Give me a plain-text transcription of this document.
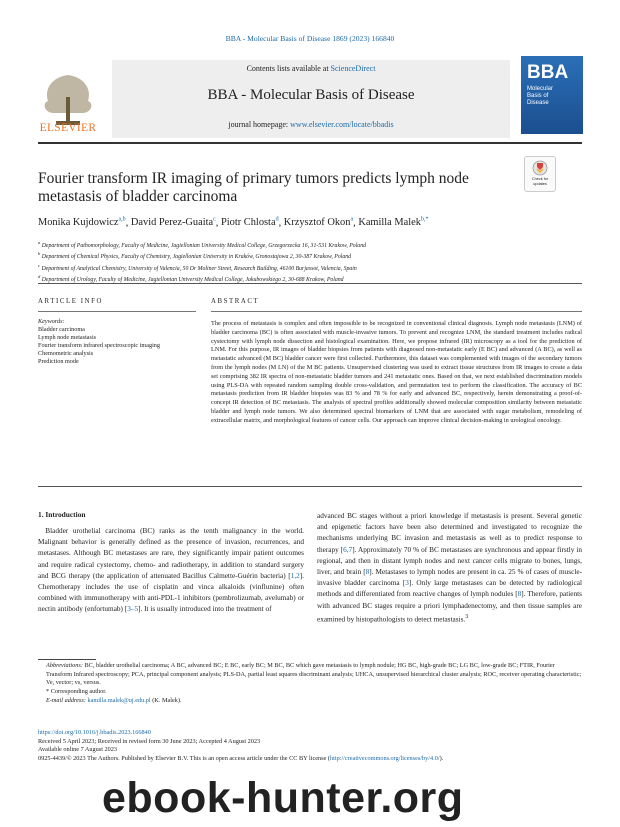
BBA - Molecular Basis of Disease 1869 (2023) 166840
ELSEVIER
Contents lists available at ScienceDirect
BBA - Molecular Basis of Disease
journal homepage: www.elsevier.com/locate/bbadis
BBA
Molecular
Basis of
Disease
Fourier transform IR imaging of primary tumors predicts lymph node metastasis of bladder carcinoma
Check for
updates
Monika Kujdowicz$^{a,b}$, David Perez-Guaita$^c$, Piotr Chlosta$^d$, Krzysztof Okon$^a$, Kamilla Malek$^{b,*}$
$^a$ Department of Pathomorphology, Faculty of Medicine, Jagiellonian University Medical College, Grzegorzecka 16, 31-531 Krakow, Poland
$^b$ Department of Chemical Physics, Faculty of Chemistry, Jagiellonian University in Kraków, Gronostajowa 2, 30-387 Krakow, Poland
$^c$ Department of Analytical Chemistry, University of Valencia, 50 Dr Moliner Street, Research Building, 46100 Burjassot, Valencia, Spain
$^d$ Department of Urology, Faculty of Medicine, Jagiellonian University Medical College, Jakubowskiego 2, 30-688 Krakow, Poland
ARTICLE INFO	ABSTRACT
Keywords:
Bladder carcinoma
Lymph node metastasis
Fourier transform infrared spectroscopic imaging
Chemometric analysis
Prediction mode
The process of metastasis is complex and often impossible to be recognized in conventional clinical diagnosis. Lymph node metastasis (LNM) of bladder carcinoma (BC) is often associated with muscle-invasive tumors. To prevent and recognize LNM, the standard treatment includes radical cystectomy with lymph node dissection and histological examination. Here, we propose infrared (IR) microscopy as a tool for the prediction of LNM. For this purpose, IR images of bladder biopsies from patients with diagnosed non-metastatic early (E BC) and advanced (A BC), as well as metastatic advanced (M BC) bladder cancer were first collected. Furthermore, this dataset was complemented with images of the secondary tumors from the lymph nodes (M LN) of the M BC patients. Unsupervised clustering was used to extract tissue structures from IR images to create a data set comprising 382 IR spectra of non-metastatic bladder tumors and 241 metastatic ones. Based on that, we next established discrimination models using PLS-DA with repeated random sampling double cross-validation, and permutation test to perform the classification. The accuracy of BC metastasis prediction from IR bladder biopsies was 83 % and 78 % for early and advanced BC, respectively, herein demonstrating a proof-of-concept IR detection of BC metastasis. The analysis of spectral profiles additionally showed molecular composition similarity between metastatic bladder and lymph node tumors. We also determined spectral biomarkers of LNM that are associated with sugar metabolism, remodeling of extracellular matrix, and morphological features of cancer cells. Our approach can improve clinical decision-making in urological oncology.
1. Introduction
 Bladder urothelial carcinoma (BC) ranks as the tenth malignancy in the world. Malignant behavior is generally defined as the presence of invasion, recurrences, and metastases. Although BC metastases are rare, they significantly impair patient outcomes and require radical cystectomy, chemo- and radiotherapy, in addition to standard surgery and BCG therapy (the application of attenuated Bacillus Calmette-Guérin bacteria) [1,2]. Chemotherapy includes the use of cisplatin and vinca alkaloids (vinflunine) often combined with immunotherapy with anti-PDL-1 inhibitors (pembrolizumab, avelumab) or nectin antibody (enfortumab) [3–5]. It is usually introduced into the treatment of
advanced BC stages without a priori knowledge if metastasis is present. Several genetic and epigenetic factors have been also determined and investigated to recognize the mechanisms underlying BC invasion and metastasis as well as to predict response to therapy [6,7]. Approximately 70 % of BC metastases are synchronous and appear firstly in regional, and then in distant lymph nodes and next cancer cells migrate to bones, lungs, liver, and brain [8]. Metastases to lymph nodes are present in ca. 25 % of cases of muscle-invasive bladder carcinoma [3]. Only large metastases can be detected by radiological methods and differentiated from reactive changes of lymph nodules [8]. Therefore, patients with advanced BC stages require a priori lymphadenectomy, and then tissue samples are examined by histopathologists to detect metastasis.$^3$
Abbreviations: BC, bladder urothelial carcinoma; A BC, advanced BC; E BC, early BC; M BC, BC which gave metastasis to lymph nodule; HG BC, high-grade BC; LG BC, low-grade BC; FTIR, Fourier Transform Infrared spectroscopy; PCA, principal component analysis; PLS-DA, partial least squares discriminant analysis; UHCA, unsupervised hierarchical cluster analysis; ROC, receiver operating characteristic; Ve, vector; vs, versus.
* Corresponding author.
E-mail address: kamilla.malek@uj.edu.pl (K. Malek).
https://doi.org/10.1016/j.bbadis.2023.166840
Received 5 April 2023; Received in revised form 30 June 2023; Accepted 4 August 2023
Available online 7 August 2023
0925-4439/© 2023 The Authors. Published by Elsevier B.V. This is an open access article under the CC BY license (http://creativecommons.org/licenses/by/4.0/).
ebook-hunter.org
